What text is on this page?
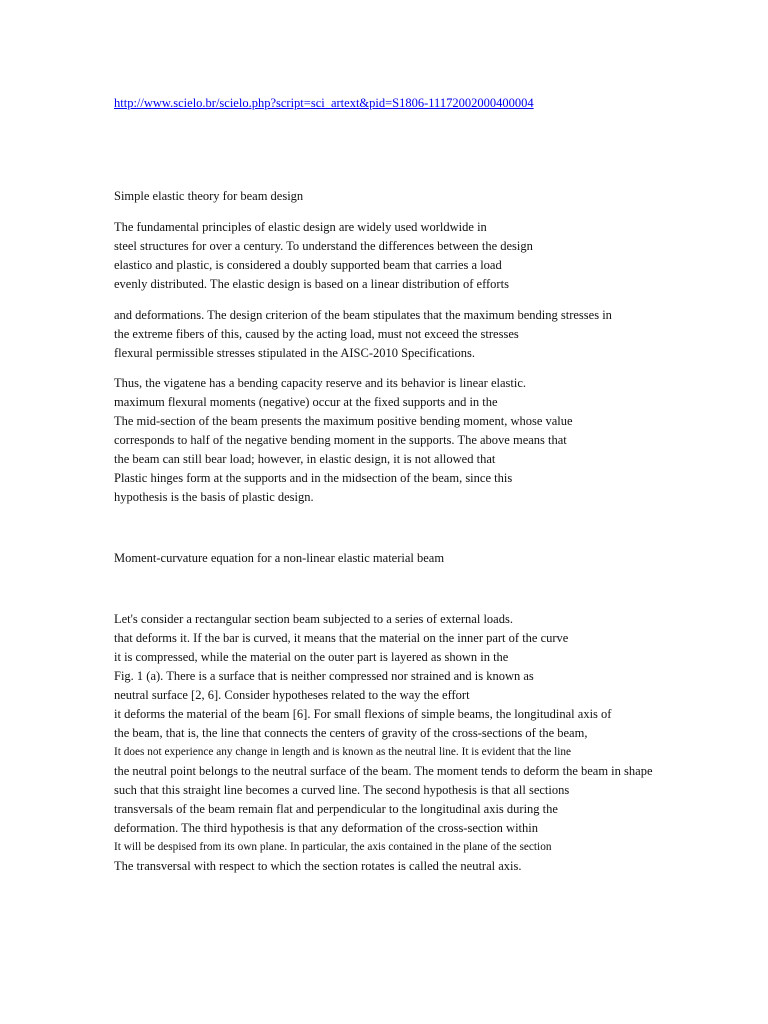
http://www.scielo.br/scielo.php?script=sci_artext&pid=S1806-11172002000400004
Simple elastic theory for beam design
The fundamental principles of elastic design are widely used worldwide in
steel structures for over a century. To understand the differences between the design
elastico and plastic, is considered a doubly supported beam that carries a load
evenly distributed. The elastic design is based on a linear distribution of efforts
and deformations. The design criterion of the beam stipulates that the maximum bending stresses in
the extreme fibers of this, caused by the acting load, must not exceed the stresses
flexural permissible stresses stipulated in the AISC-2010 Specifications.
Thus, the vigatene has a bending capacity reserve and its behavior is linear elastic.
maximum flexural moments (negative) occur at the fixed supports and in the
The mid-section of the beam presents the maximum positive bending moment, whose value
corresponds to half of the negative bending moment in the supports. The above means that
the beam can still bear load; however, in elastic design, it is not allowed that
Plastic hinges form at the supports and in the midsection of the beam, since this
hypothesis is the basis of plastic design.
Moment-curvature equation for a non-linear elastic material beam
Let's consider a rectangular section beam subjected to a series of external loads.
that deforms it. If the bar is curved, it means that the material on the inner part of the curve
it is compressed, while the material on the outer part is layered as shown in the
Fig. 1 (a). There is a surface that is neither compressed nor strained and is known as
neutral surface [2, 6]. Consider hypotheses related to the way the effort
it deforms the material of the beam [6]. For small flexions of simple beams, the longitudinal axis of
the beam, that is, the line that connects the centers of gravity of the cross-sections of the beam,
It does not experience any change in length and is known as the neutral line. It is evident that the line
the neutral point belongs to the neutral surface of the beam. The moment tends to deform the beam in shape
such that this straight line becomes a curved line. The second hypothesis is that all sections
transversals of the beam remain flat and perpendicular to the longitudinal axis during the
deformation. The third hypothesis is that any deformation of the cross-section within
It will be despised from its own plane. In particular, the axis contained in the plane of the section
The transversal with respect to which the section rotates is called the neutral axis.
